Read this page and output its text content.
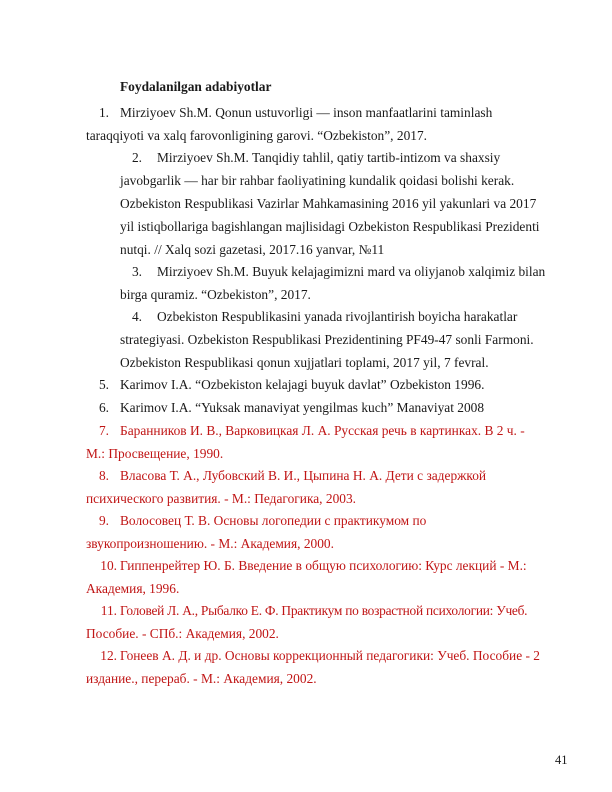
Foydalanilgan adabiyotlar
1. Mirziyoev Sh.M. Qonun ustuvorligi — inson manfaatlarini taminlash
taraqqiyoti va xalq farovonligining garovi. “Ozbekiston”, 2017.
2. Mirziyoev Sh.M. Tanqidiy tahlil, qatiy tartib-intizom va shaxsiy
javobgarlik — har bir rahbar faoliyatining kundalik qoidasi bolishi kerak.
Ozbekiston Respublikasi Vazirlar Mahkamasining 2016 yil yakunlari va 2017
yil istiqbollariga bagishlangan majlisidagi Ozbekiston Respublikasi Prezidenti
nutqi. // Xalq sozi gazetasi, 2017.16 yanvar, №11
3. Mirziyoev Sh.M. Buyuk kelajagimizni mard va oliyjanob xalqimiz bilan
birga quramiz. “Ozbekiston”, 2017.
4. Ozbekiston Respublikasini yanada rivojlantirish boyicha harakatlar
strategiyasi. Ozbekiston Respublikasi Prezidentining PF49-47 sonli Farmoni.
Ozbekiston Respublikasi qonun xujjatlari toplami, 2017 yil, 7 fevral.
5. Karimov I.A. “Ozbekiston kelajagi buyuk davlat” Ozbekiston 1996.
6. Karimov I.A. “Yuksak manaviyat yengilmas kuch” Manaviyat 2008
7. Баранников И. В., Варковицкая Л. А. Русская речь в картинках. В 2 ч. -
М.: Просвещение, 1990.
8. Власова Т. А., Лубовский В. И., Цыпина Н. А. Дети с задержкой
психического развития. - М.: Педагогика, 2003.
9. Волосовец Т. В. Основы логопедии с практикумом по
звукопроизношению. - М.: Академия, 2000.
10. Гиппенрейтер Ю. Б. Введение в общую психологию: Курс лекций - М.:
Академия, 1996.
11. Головей Л. А., Рыбалко Е. Ф. Практикум по возрастной психологии: Учеб.
Пособие. - СПб.: Академия, 2002.
12. Гонеев А. Д. и др. Основы коррекционный педагогики: Учеб. Пособие - 2
издание., перераб. - М.: Академия, 2002.
41
